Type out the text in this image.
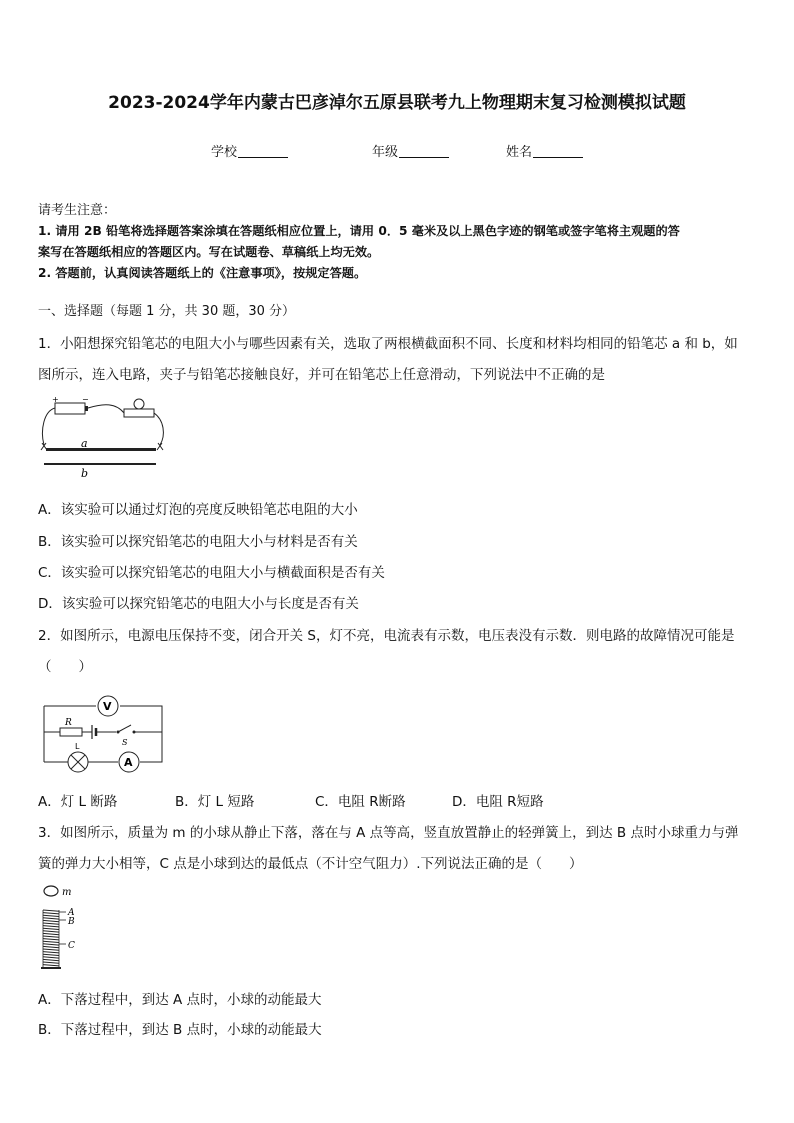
2023-2024学年内蒙古巴彦淖尔五原县联考九上物理期末复习检测模拟试题
学校	年级	姓名
请考生注意：
1. 请用 2B 铅笔将选择题答案涂填在答题纸相应位置上，请用 0．5 毫米及以上黑色字迹的钢笔或签字笔将主观题的答
案写在答题纸相应的答题区内。写在试题卷、草稿纸上均无效。
2. 答题前，认真阅读答题纸上的《注意事项》，按规定答题。
一、选择题（每题 1 分，共 30 题，30 分）
1．小阳想探究铅笔芯的电阻大小与哪些因素有关，选取了两根横截面积不同、长度和材料均相同的铅笔芯 a 和 b，如
图所示，连入电路，夹子与铅笔芯接触良好，并可在铅笔芯上任意滑动，下列说法中不正确的是
+	−
a
b
A．该实验可以通过灯泡的亮度反映铅笔芯电阻的大小
B．该实验可以探究铅笔芯的电阻大小与材料是否有关
C．该实验可以探究铅笔芯的电阻大小与横截面积是否有关
D．该实验可以探究铅笔芯的电阻大小与长度是否有关
2．如图所示，电源电压保持不变，闭合开关 S，灯不亮，电流表有示数，电压表没有示数．则电路的故障情况可能是
（　　）
V
R
S
L
A
A．灯 L 断路	B．灯 L 短路	C．电阻 R断路	D．电阻 R短路
3．如图所示，质量为 m 的小球从静止下落，落在与 A 点等高，竖直放置静止的轻弹簧上，到达 B 点时小球重力与弹
簧的弹力大小相等，C 点是小球到达的最低点（不计空气阻力）.下列说法正确的是（　　）
m
A
B
C
A．下落过程中，到达 A 点时，小球的动能最大
B．下落过程中，到达 B 点时，小球的动能最大
